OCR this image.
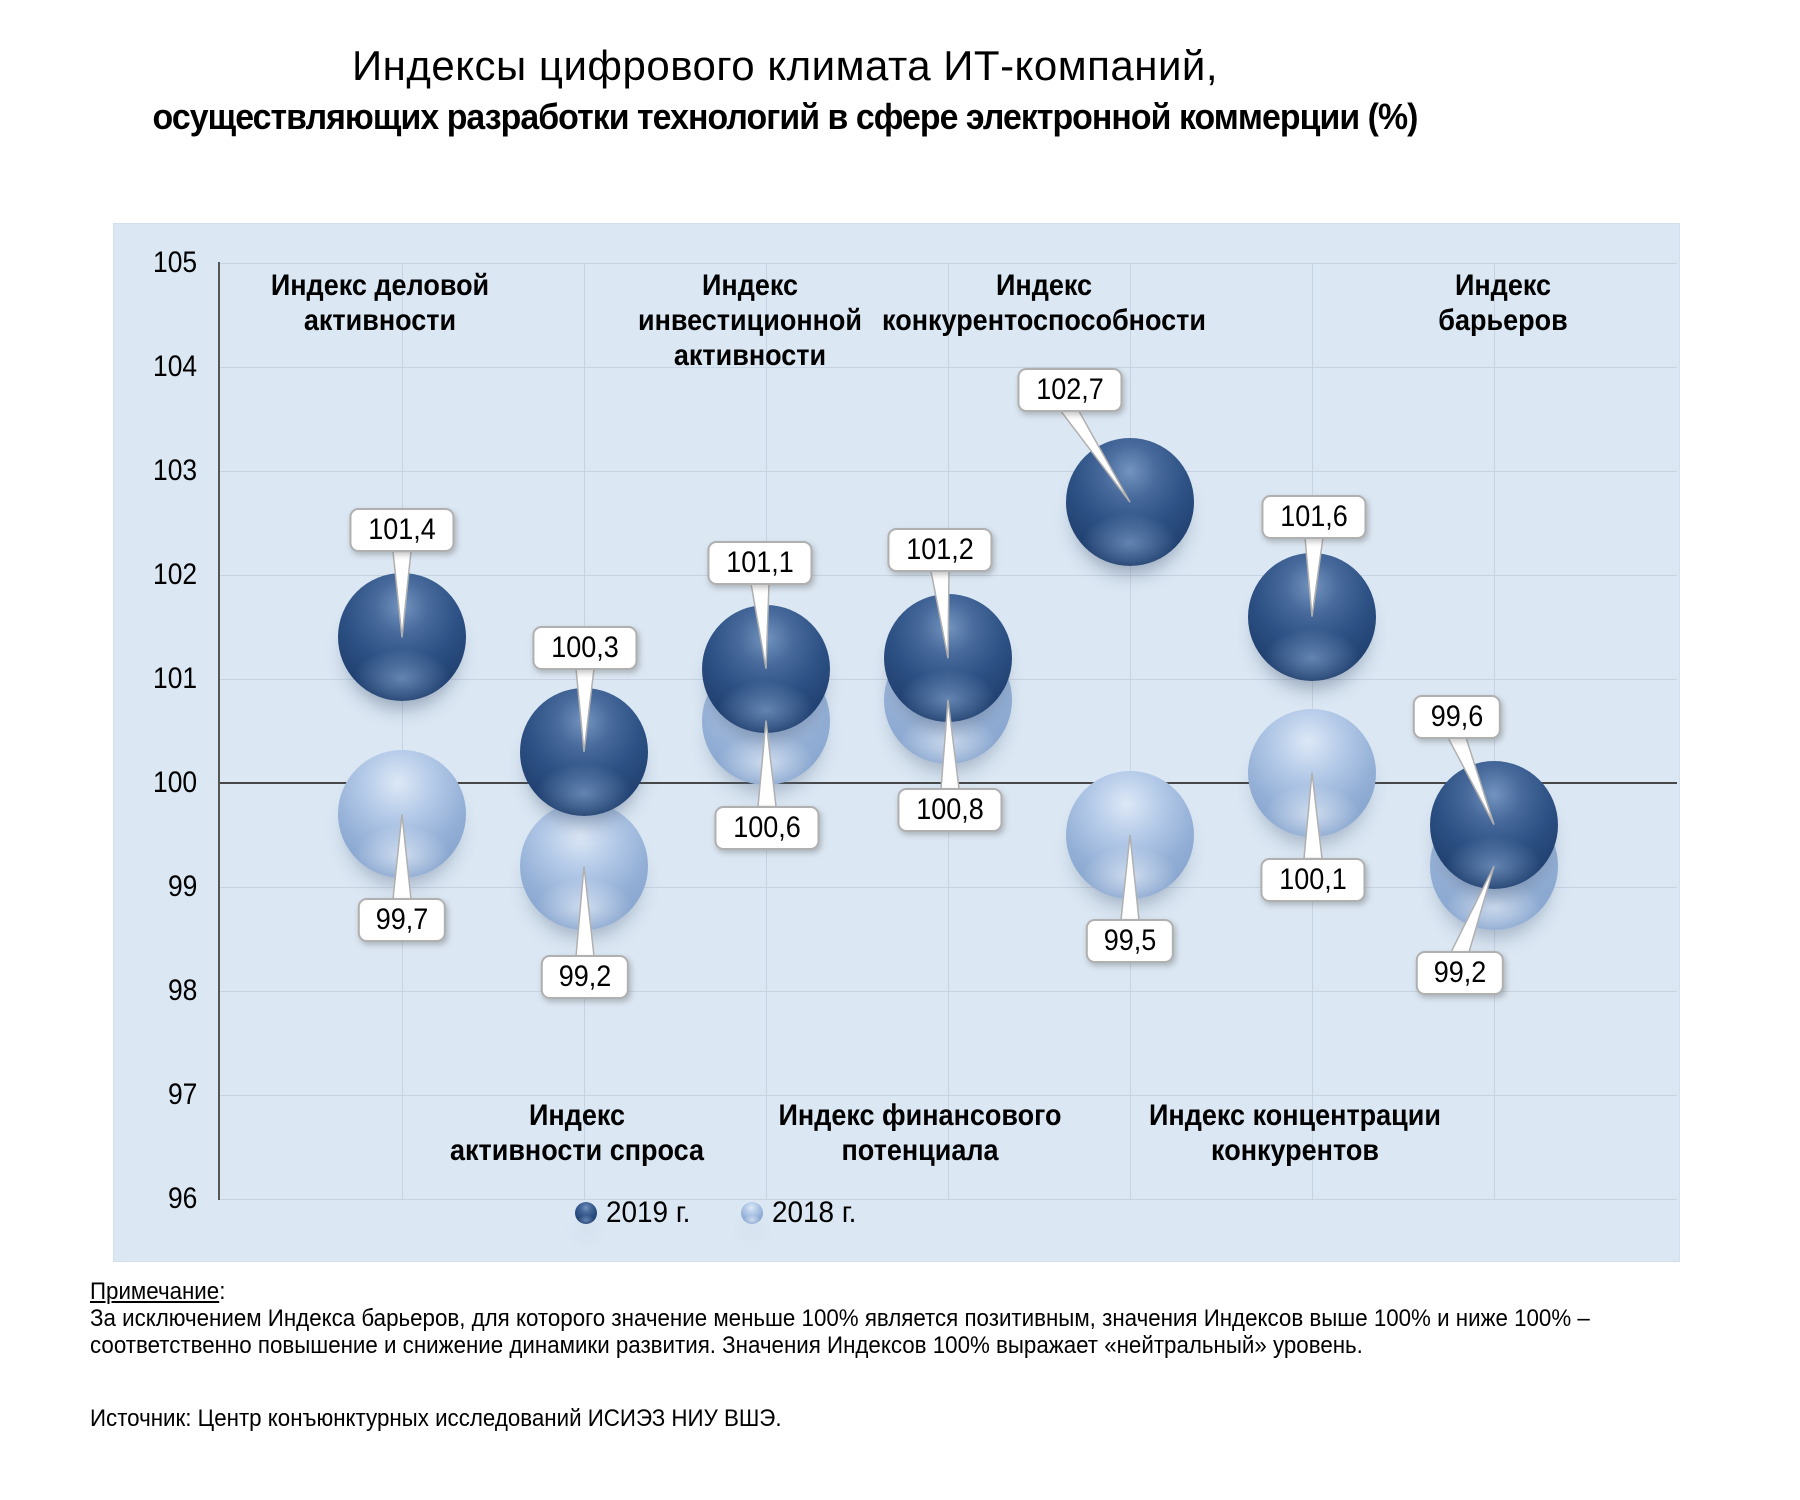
Индексы цифрового климата ИТ-компаний,
осуществляющих разработки технологий в сфере электронной коммерции (%)
2019 г.	2018 г.
Примечание:
За исключением Индекса барьеров, для которого значение меньше 100% является позитивным, значения Индексов выше 100% и ниже 100% –
соответственно повышение и снижение динамики развития. Значения Индексов 100% выражает «нейтральный» уровень.
Источник: Центр конъюнктурных исследований ИСИЭЗ НИУ ВШЭ.
105
104
103
102
101
100
99
98
97
96
101,4
100,3
101,1	101,2
102,7
101,6
99,6
99,7
99,2
100,6
100,8
99,5
100,1
99,2
Индекс деловой
активности
Индекс
активности спроса
Индекс
инвестиционной
активности
Индекс финансового
потенциала
Индекс
конкурентоспособности
Индекс концентрации
конкурентов
Индекс
барьеров
